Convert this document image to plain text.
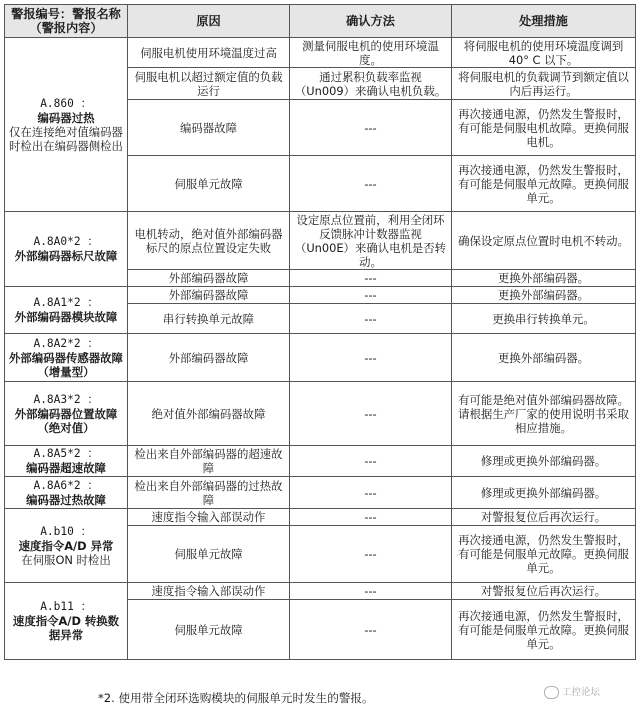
警报编号：警报名称（警报内容）	原因	确认方法	处理措施

A.860 ：
编码器过热
仅在连接绝对值编码器时检出在编码器侧检出	伺服电机使用环境温度过高	测量伺服电机的使用环境温度。	将伺服电机的使用环境温度调到40° C 以下。
	伺服电机以超过额定值的负载运行	通过累积负载率监视（Un009）来确认电机负载。	将伺服电机的负载调节到额定值以内后再运行。
	编码器故障	---	再次接通电源，仍然发生警报时，有可能是伺服电机故障。更换伺服电机。
	伺服单元故障	---	再次接通电源，仍然发生警报时，有可能是伺服单元故障。更换伺服单元。

A.8A0*2 ：
外部编码器标尺故障	电机转动，绝对值外部编码器标尺的原点位置设定失败	设定原点位置前，利用全闭环反馈脉冲计数器监视（Un00E）来确认电机是否转动。	确保设定原点位置时电机不转动。
	外部编码器故障	---	更换外部编码器。

A.8A1*2 ：
外部编码器模块故障	外部编码器故障	---	更换外部编码器。
	串行转换单元故障	---	更换串行转换单元。

A.8A2*2 ：
外部编码器传感器故障（增量型）	外部编码器故障	---	更换外部编码器。

A.8A3*2 ：
外部编码器位置故障（绝对值）	绝对值外部编码器故障	---	有可能是绝对值外部编码器故障。请根据生产厂家的使用说明书采取相应措施。

A.8A5*2 ：
编码器超速故障	检出来自外部编码器的超速故障	---	修理或更换外部编码器。

A.8A6*2 ：
编码器过热故障	检出来自外部编码器的过热故障	---	修理或更换外部编码器。

A.b10 ：
速度指令A/D 异常
在伺服ON 时检出	速度指令输入部误动作	---	对警报复位后再次运行。
	伺服单元故障	---	再次接通电源，仍然发生警报时，有可能是伺服单元故障。更换伺服单元。

A.b11 ：
速度指令A/D 转换数据异常	速度指令输入部误动作	---	对警报复位后再次运行。
	伺服单元故障	---	再次接通电源，仍然发生警报时，有可能是伺服单元故障。更换伺服单元。
*2. 使用带全闭环选购模块的伺服单元时发生的警报。	工控论坛
